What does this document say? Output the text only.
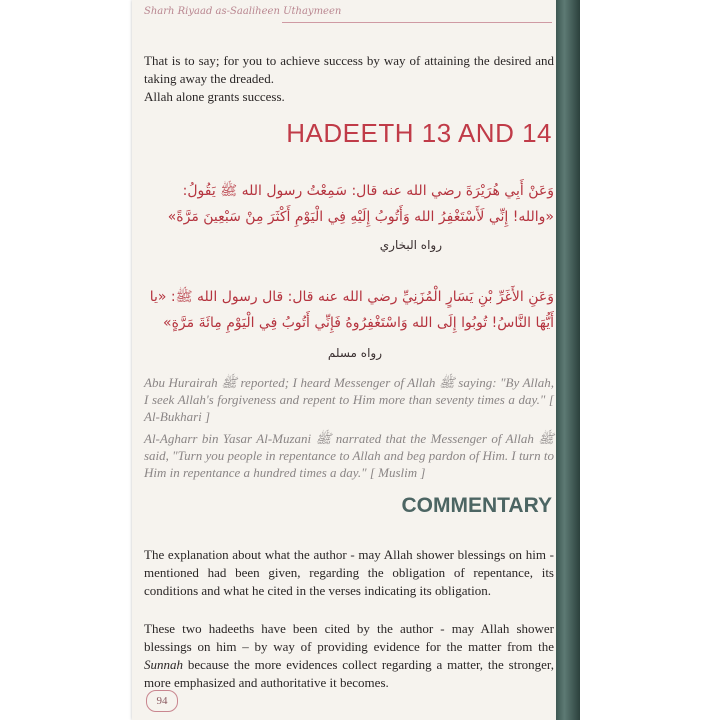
Sharh Riyaad as-Saaliheen Uthaymeen
That is to say; for you to achieve success by way of attaining the desired and taking away the dreaded.
Allah alone grants success.
HADEETH 13 AND 14
وَعَنْ أَبِي هُرَيْرَةَ رضي الله عنه قال: سَمِعْتُ رسول الله ﷺ يَقُولُ: «والله! إِنِّي لَأَسْتَغْفِرُ الله وَأَتُوبُ إِلَيْهِ فِي الْيَوْمِ أَكْثَرَ مِنْ سَبْعِينَ مَرَّةً»
رواه البخاري
وَعَنِ الأَغَرِّ بْنِ يَسَارٍ الْمُزَنِيِّ رضي الله عنه قال: قال رسول الله ﷺ: «يا أَيُّهَا النَّاسُ! تُوبُوا إِلَى الله وَاسْتَغْفِرُوهُ فَإِنِّي أَتُوبُ فِي الْيَوْمِ مِائَةَ مَرَّةٍ»
رواه مسلم
Abu Hurairah ﷺ reported; I heard Messenger of Allah ﷺ saying: "By Allah, I seek Allah's forgiveness and repent to Him more than seventy times a day." [ Al-Bukhari ]
Al-Agharr bin Yasar Al-Muzani ﷺ narrated that the Messenger of Allah ﷺ said, "Turn you people in repentance to Allah and beg pardon of Him. I turn to Him in repentance a hundred times a day." [ Muslim ]
COMMENTARY
The explanation about what the author - may Allah shower blessings on him - mentioned had been given, regarding the obligation of repentance, its conditions and what he cited in the verses indicating its obligation.
These two hadeeths have been cited by the author - may Allah shower blessings on him – by way of providing evidence for the matter from the Sunnah because the more evidences collect regarding a matter, the stronger, more emphasized and authoritative it becomes.
94
